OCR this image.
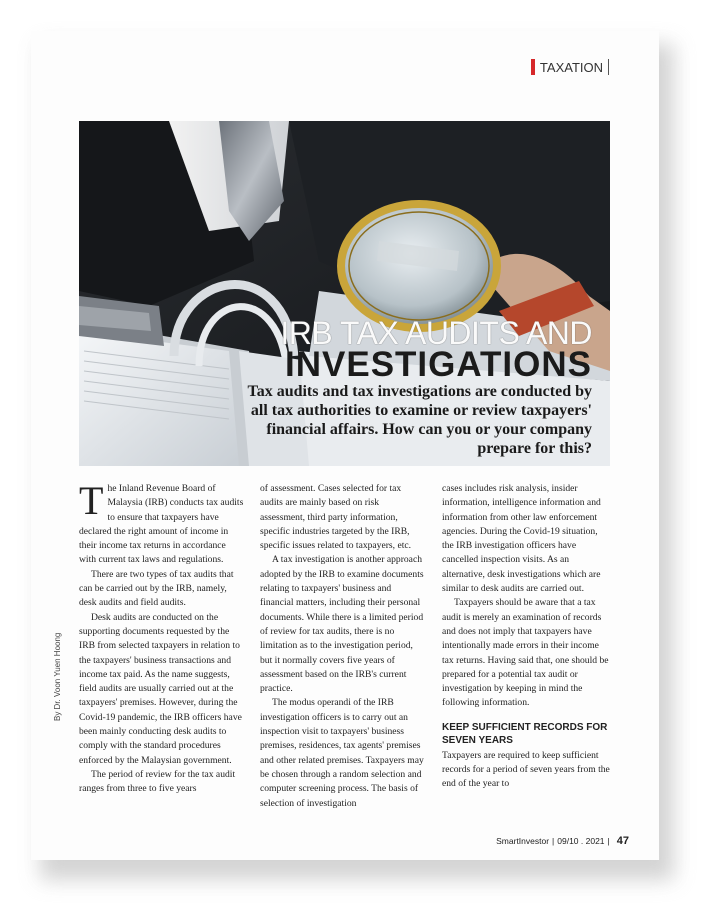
TAXATION
IRB TAX AUDITS AND
INVESTIGATIONS
Tax audits and tax investigations are conducted by all tax authorities to examine or review taxpayers' financial affairs. How can you or your company prepare for this?
By Dr. Voon Yuen Hoong

The Inland Revenue Board of Malaysia (IRB) conducts tax audits to ensure that taxpayers have declared the right amount of income in their income tax returns in accordance with current tax laws and regulations.

There are two types of tax audits that can be carried out by the IRB, namely, desk audits and field audits.

Desk audits are conducted on the supporting documents requested by the IRB from selected taxpayers in relation to the taxpayers' business transactions and income tax paid. As the name suggests, field audits are usually carried out at the taxpayers' premises. However, during the Covid-19 pandemic, the IRB officers have been mainly conducting desk audits to comply with the standard procedures enforced by the Malaysian government.

The period of review for the tax audit ranges from three to five years

of assessment. Cases selected for tax audits are mainly based on risk assessment, third party information, specific industries targeted by the IRB, specific issues related to taxpayers, etc.

A tax investigation is another approach adopted by the IRB to examine documents relating to taxpayers' business and financial matters, including their personal documents. While there is a limited period of review for tax audits, there is no limitation as to the investigation period, but it normally covers five years of assessment based on the IRB's current practice.

The modus operandi of the IRB investigation officers is to carry out an inspection visit to taxpayers' business premises, residences, tax agents' premises and other related premises. Taxpayers may be chosen through a random selection and computer screening process. The basis of selection of investigation

cases includes risk analysis, insider information, intelligence information and information from other law enforcement agencies. During the Covid-19 situation, the IRB investigation officers have cancelled inspection visits. As an alternative, desk investigations which are similar to desk audits are carried out.

Taxpayers should be aware that a tax audit is merely an examination of records and does not imply that taxpayers have intentionally made errors in their income tax returns. Having said that, one should be prepared for a potential tax audit or investigation by keeping in mind the following information.

KEEP SUFFICIENT RECORDS FOR SEVEN YEARS

Taxpayers are required to keep sufficient records for a period of seven years from the end of the year to

SmartInvestor | 09/10 . 2021 | 47
